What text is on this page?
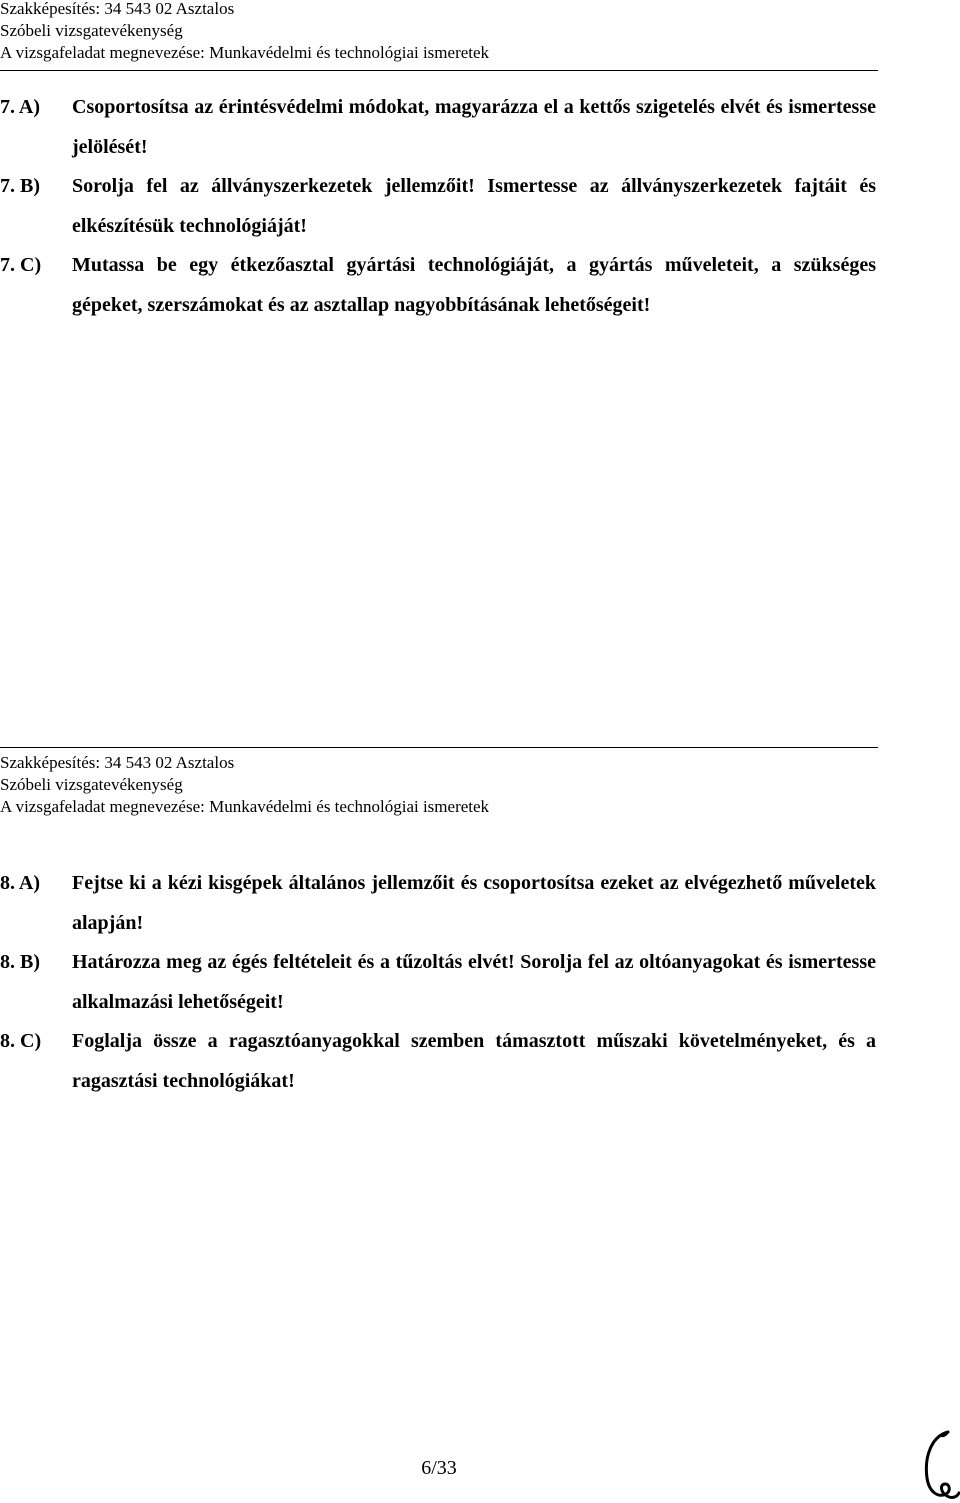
Szakképesítés: 34 543 02 Asztalos
Szóbeli vizsgatevékenység
A vizsgafeladat megnevezése: Munkavédelmi és technológiai ismeretek
7. A)	Csoportosítsa az érintésvédelmi módokat, magyarázza el a kettős szigetelés elvét és ismertesse jelölését!
7. B)	Sorolja fel az állványszerkezetek jellemzőit! Ismertesse az állványszerkezetek fajtáit és elkészítésük technológiáját!
7. C)	Mutassa be egy étkezőasztal gyártási technológiáját, a gyártás műveleteit, a szükséges gépeket, szerszámokat és az asztallap nagyobbításának lehetőségeit!
Szakképesítés: 34 543 02 Asztalos
Szóbeli vizsgatevékenység
A vizsgafeladat megnevezése: Munkavédelmi és technológiai ismeretek
8. A)	Fejtse ki a kézi kisgépek általános jellemzőit és csoportosítsa ezeket az elvégezhető műveletek alapján!
8. B)	Határozza meg az égés feltételeit és a tűzoltás elvét! Sorolja fel az oltóanyagokat és ismertesse alkalmazási lehetőségeit!
8. C)	Foglalja össze a ragasztóanyagokkal szemben támasztott műszaki követelményeket, és a ragasztási technológiákat!
6/33
